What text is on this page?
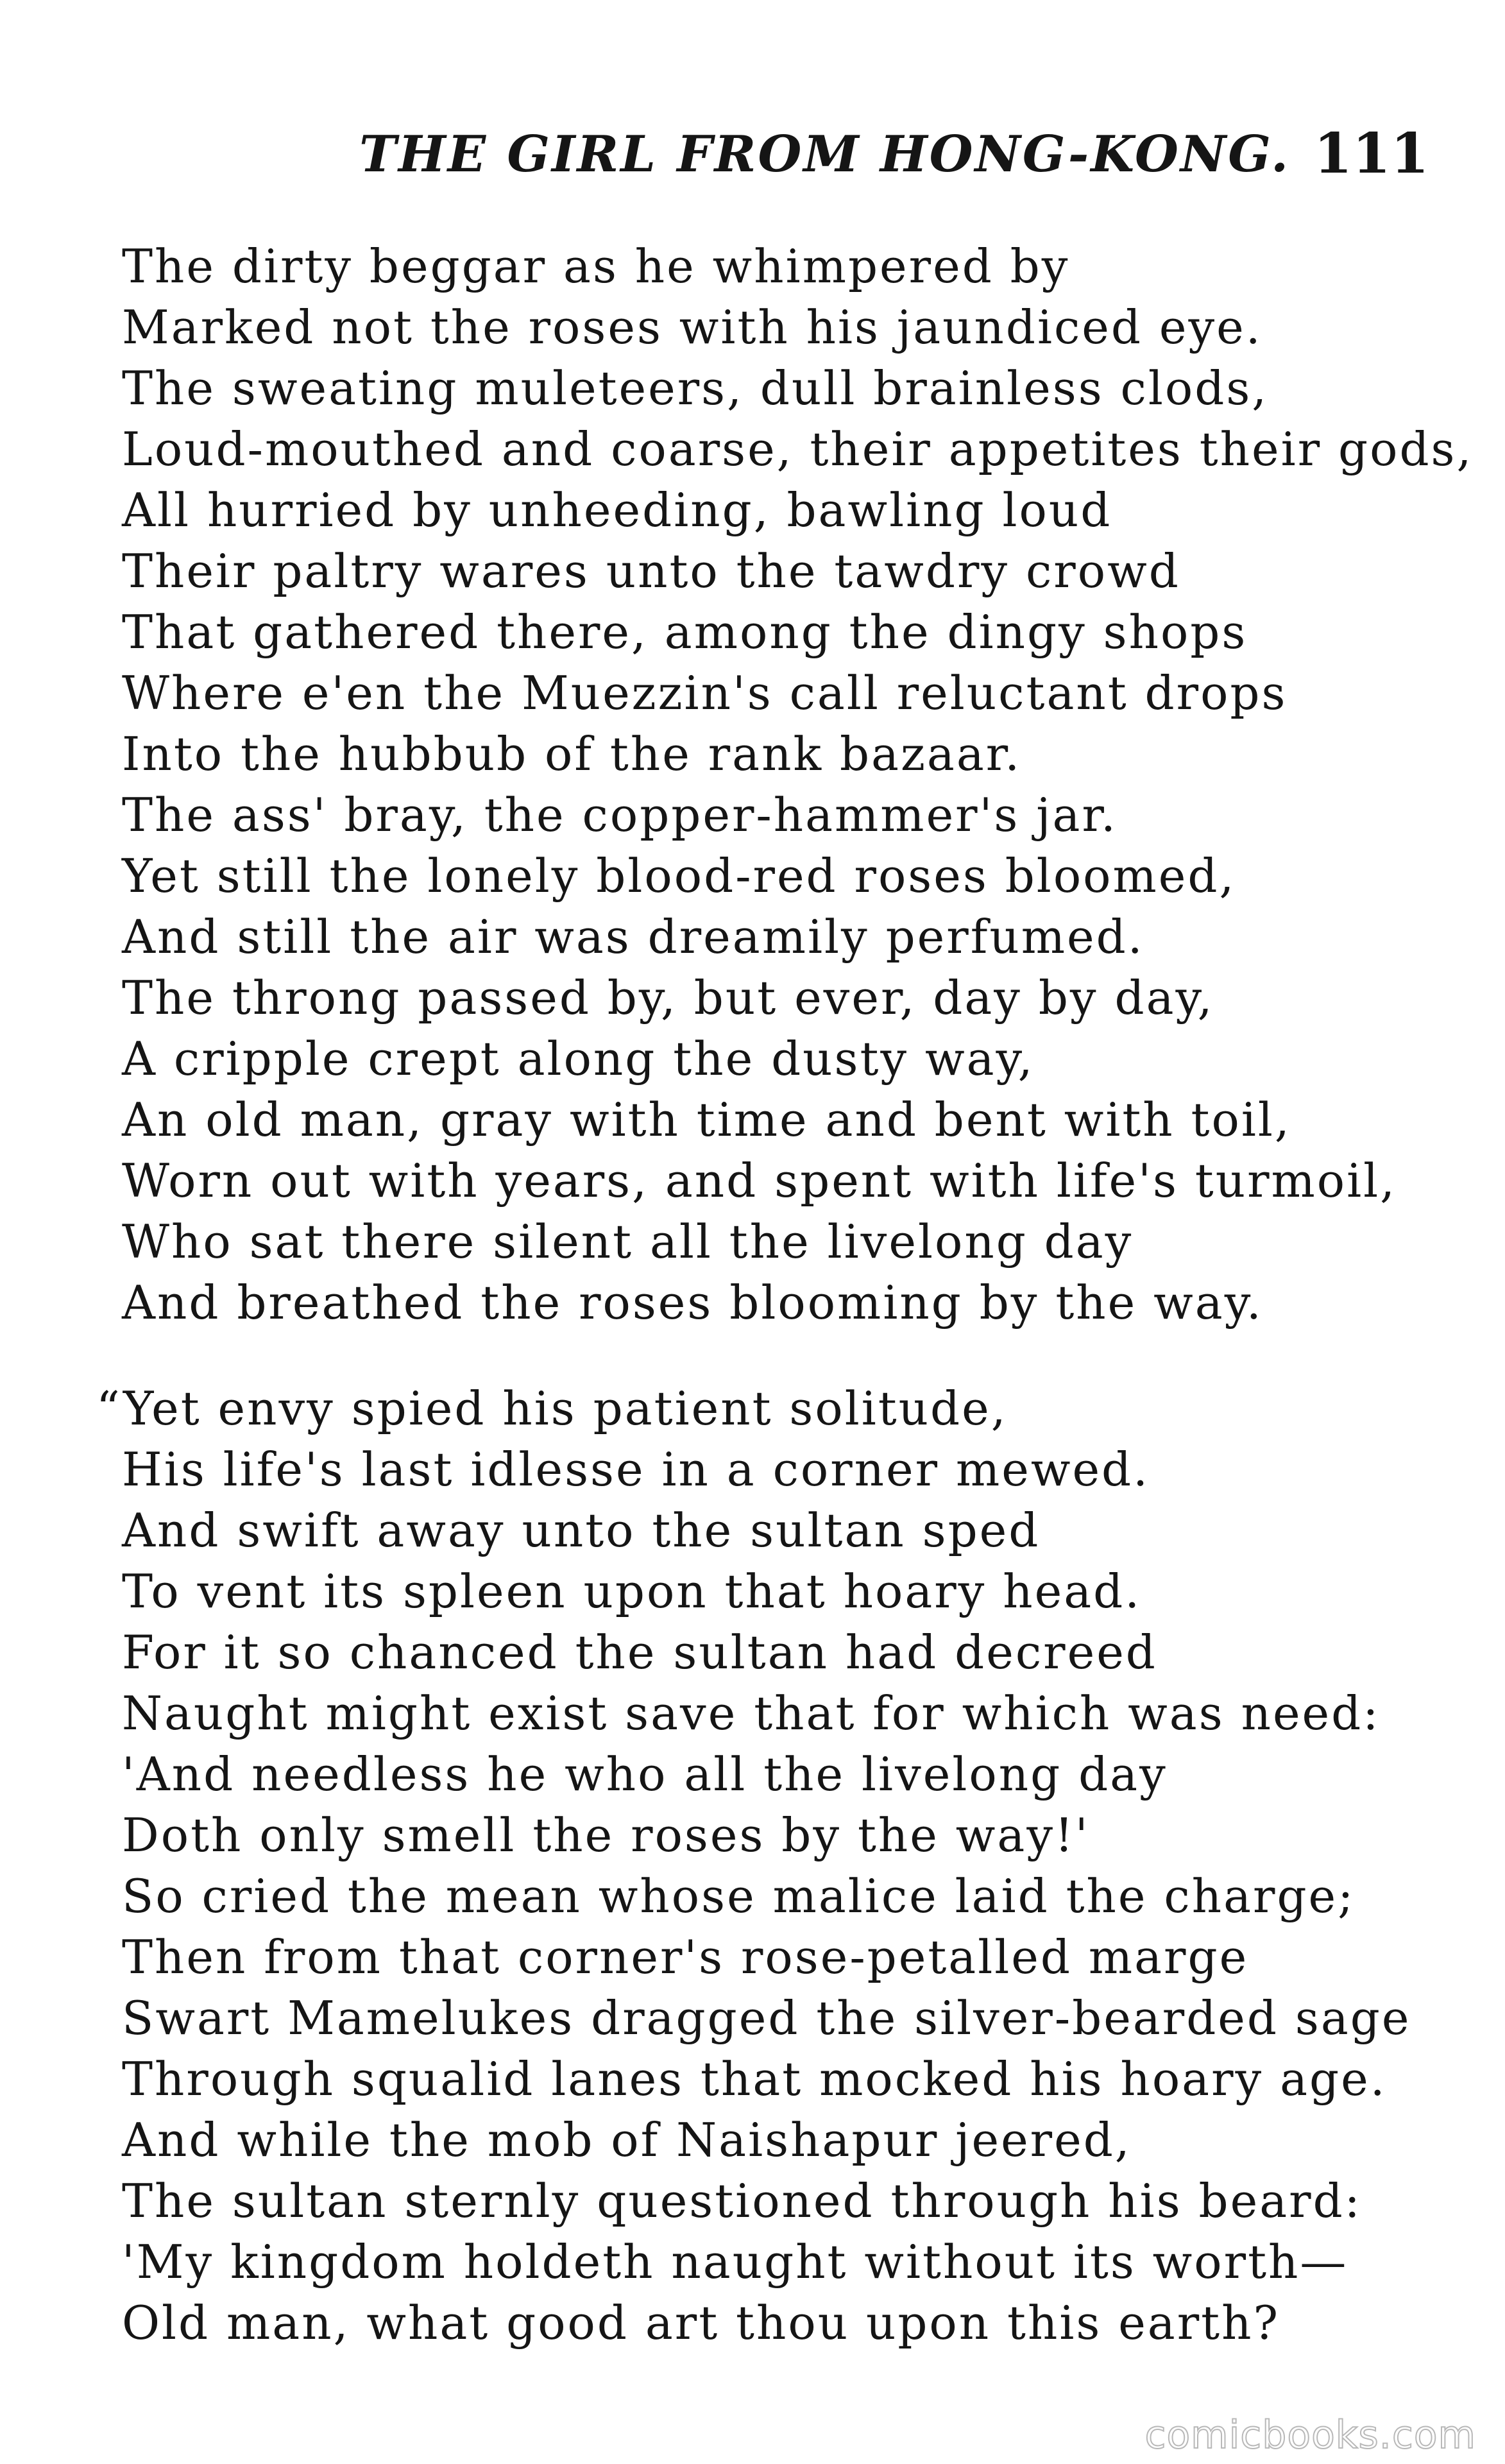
THE GIRL FROM HONG-KONG. 111
The dirty beggar as he whimpered by
Marked not the roses with his jaundiced eye.
The sweating muleteers, dull brainless clods,
Loud-mouthed and coarse, their appetites their gods,
All hurried by unheeding, bawling loud
Their paltry wares unto the tawdry crowd
That gathered there, among the dingy shops
Where e'en the Muezzin's call reluctant drops
Into the hubbub of the rank bazaar.
The ass' bray, the copper-hammer's jar.
Yet still the lonely blood-red roses bloomed,
And still the air was dreamily perfumed.
The throng passed by, but ever, day by day,
A cripple crept along the dusty way,
An old man, gray with time and bent with toil,
Worn out with years, and spent with life's turmoil,
Who sat there silent all the livelong day
And breathed the roses blooming by the way.
“Yet envy spied his patient solitude,
His life's last idlesse in a corner mewed.
And swift away unto the sultan sped
To vent its spleen upon that hoary head.
For it so chanced the sultan had decreed
Naught might exist save that for which was need:
'And needless he who all the livelong day
Doth only smell the roses by the way!'
So cried the mean whose malice laid the charge;
Then from that corner's rose-petalled marge
Swart Mamelukes dragged the silver-bearded sage
Through squalid lanes that mocked his hoary age.
And while the mob of Naishapur jeered,
The sultan sternly questioned through his beard:
'My kingdom holdeth naught without its worth—
Old man, what good art thou upon this earth?
comicbooks.com
